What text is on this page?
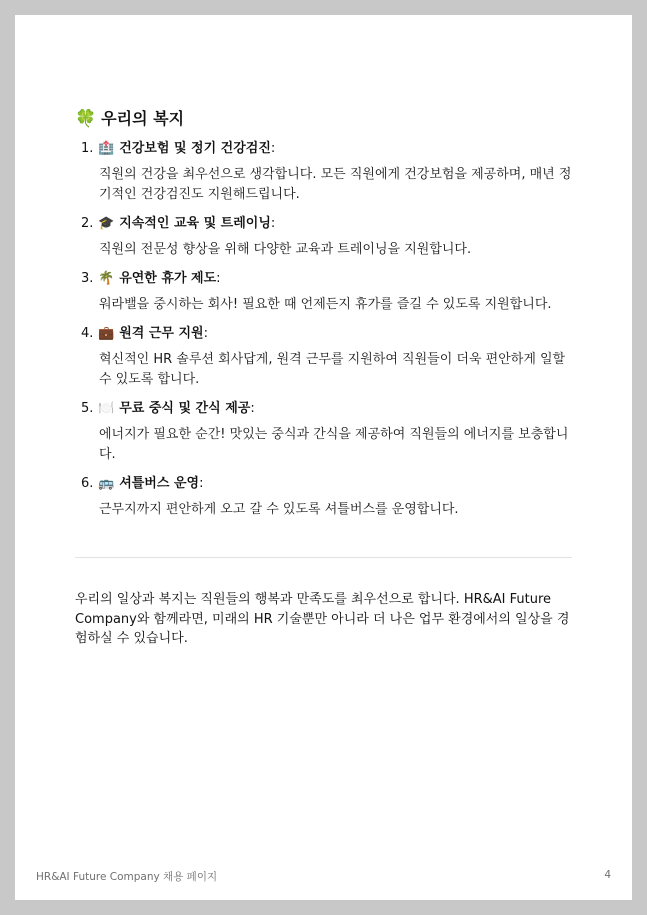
🍀 우리의 복지
1. 🏥 건강보험 및 정기 건강검진 :

직원의 건강을 최우선으로 생각합니다. 모든 직원에게 건강보험을 제공하며, 매년 정기적인 건강검진도 지원해드립니다.

2. 🎓 지속적인 교육 및 트레이닝 :

직원의 전문성 향상을 위해 다양한 교육과 트레이닝을 지원합니다.

3. 🌴 유연한 휴가 제도 :

워라밸을 중시하는 회사! 필요한 때 언제든지 휴가를 즐길 수 있도록 지원합니다.

4. 💼 원격 근무 지원 :

혁신적인 HR 솔루션 회사답게, 원격 근무를 지원하여 직원들이 더욱 편안하게 일할 수 있도록 합니다.

5. 🍽️ 무료 중식 및 간식 제공 :

에너지가 필요한 순간! 맛있는 중식과 간식을 제공하여 직원들의 에너지를 보충합니다.

6. 🚌 셔틀버스 운영 :

근무지까지 편안하게 오고 갈 수 있도록 셔틀버스를 운영합니다.

우리의 일상과 복지는 직원들의 행복과 만족도를 최우선으로 합니다. HR&AI Future Company와 함께라면, 미래의 HR 기술뿐만 아니라 더 나은 업무 환경에서의 일상을 경험하실 수 있습니다.

HR&AI Future Company 채용 페이지	4
